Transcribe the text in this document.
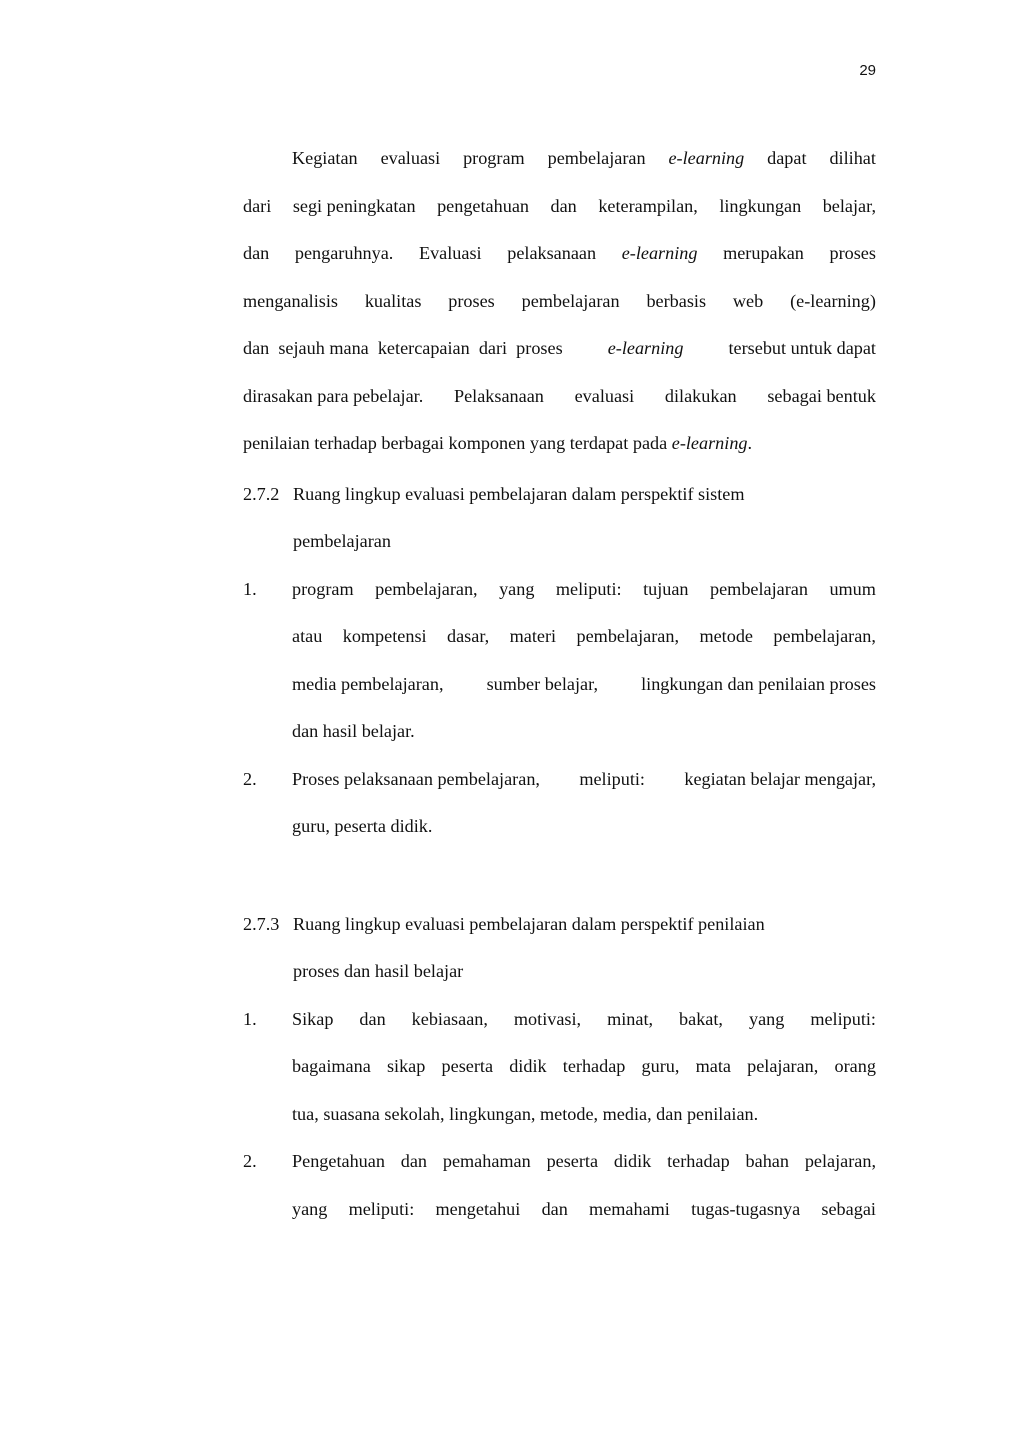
29
Kegiatan evaluasi program pembelajaran e-learning dapat dilihat
dari segi peningkatan pengetahuan dan keterampilan, lingkungan belajar,
dan pengaruhnya. Evaluasi pelaksanaan e-learning merupakan proses
menganalisis kualitas proses pembelajaran berbasis web (e-learning)
dan  sejauh mana  ketercapaian  dari  proses e-learning tersebut untuk dapat
dirasakan para pebelajar. Pelaksanaan evaluasi dilakukan sebagai bentuk
penilaian terhadap berbagai komponen yang terdapat pada e-learning.
2.7.2 Ruang lingkup evaluasi pembelajaran dalam perspektif sistem
pembelajaran
1. program pembelajaran, yang meliputi: tujuan pembelajaran umum
atau kompetensi dasar, materi pembelajaran, metode pembelajaran,
media pembelajaran, sumber belajar, lingkungan dan penilaian proses
dan hasil belajar.
2. Proses pelaksanaan pembelajaran, meliputi: kegiatan belajar mengajar,
guru, peserta didik.
2.7.3 Ruang lingkup evaluasi pembelajaran dalam perspektif penilaian
proses dan hasil belajar
1. Sikap dan kebiasaan, motivasi, minat, bakat, yang meliputi:
bagaimana sikap peserta didik terhadap guru, mata pelajaran, orang
tua, suasana sekolah, lingkungan, metode, media, dan penilaian.
2. Pengetahuan dan pemahaman peserta didik terhadap bahan pelajaran,
yang meliputi: mengetahui dan memahami tugas-tugasnya sebagai
